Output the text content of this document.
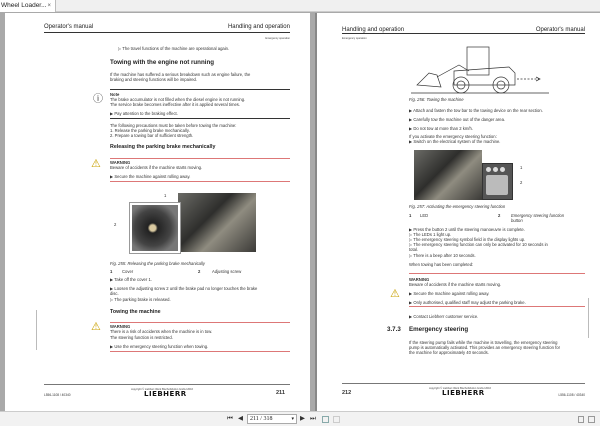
Wheel Loader... ×
Operator's manual	Handling and operation
Emergency operation
▷ The travel functions of the machine are operational again.
Towing with the engine not running
If the machine has suffered a serious breakdown such as engine failure, the
braking and steering functions will be impaired.
ⓘ Note
The brake accumulator is not filled when the diesel engine is not running.
The service brake becomes ineffective after it is applied several times.
▶ Pay attention to the braking effect.
The following precautions must be taken before towing the machine:
1. Release the parking brake mechanically.
2. Prepare a towing bar of sufficient strength.
Releasing the parking brake mechanically
⚠ WARNING
Beware of accidents if the machine starts moving.
▶ Secure the machine against rolling away.
1
2
Fig. 255: Releasing the parking brake mechanically
1 Cover	2	Adjusting screw
▶ Take off the cover 1.
▶ Loosen the adjusting screw 2 until the brake pad no longer touches the brake
disc.
▷ The parking brake is released.
Towing the machine
⚠ WARNING
There is a risk of accidents when the machine is in tow.
The steering function is restricted.
▶ Use the emergency steering function when towing.
copyright © Liebherr-Werk Bischofshofen GmbH 2016
LIEBHERR
L556-1108 / 40340	211
Handling and operation	Operator's manual
Emergency operation
Fig. 256: Towing the machine
▶ Attach and fasten the tow bar to the towing device on the rear section.
▶ Carefully tow the machine out of the danger area.
▶ Do not tow at more than 2 km/h.
If you activate the emergency steering function:
▶ Switch on the electrical system of the machine.
1
2
Fig. 257: Activating the emergency steering function
1 LED	2	Emergency steering function
button
▶ Press the button 2 until the steering manoeuvre is complete.
▷ The LEDs 1 light up.
▷ The emergency steering symbol field in the display lights up.
▷ The emergency steering function can only be activated for 10 seconds in
total.
▷ There is a beep after 10 seconds.
When towing has been completed:
⚠
WARNING
Beware of accidents if the machine starts moving.
▶ Secure the machine against rolling away.
▶ Only authorised, qualified staff may adjust the parking brake.
▶ Contact Liebherr customer service.
3.7.3 Emergency steering
If the steering pump fails while the machine is travelling, the emergency steering
pump is automatically activated. This provides an emergency steering function for
the machine for approximately 40 seconds.
copyright © Liebherr-Werk Bischofshofen GmbH 2016
LIEBHERR
212	L556-1108 / 40340
⏮ ◀	211 / 318	▾ ▶ ⏭
